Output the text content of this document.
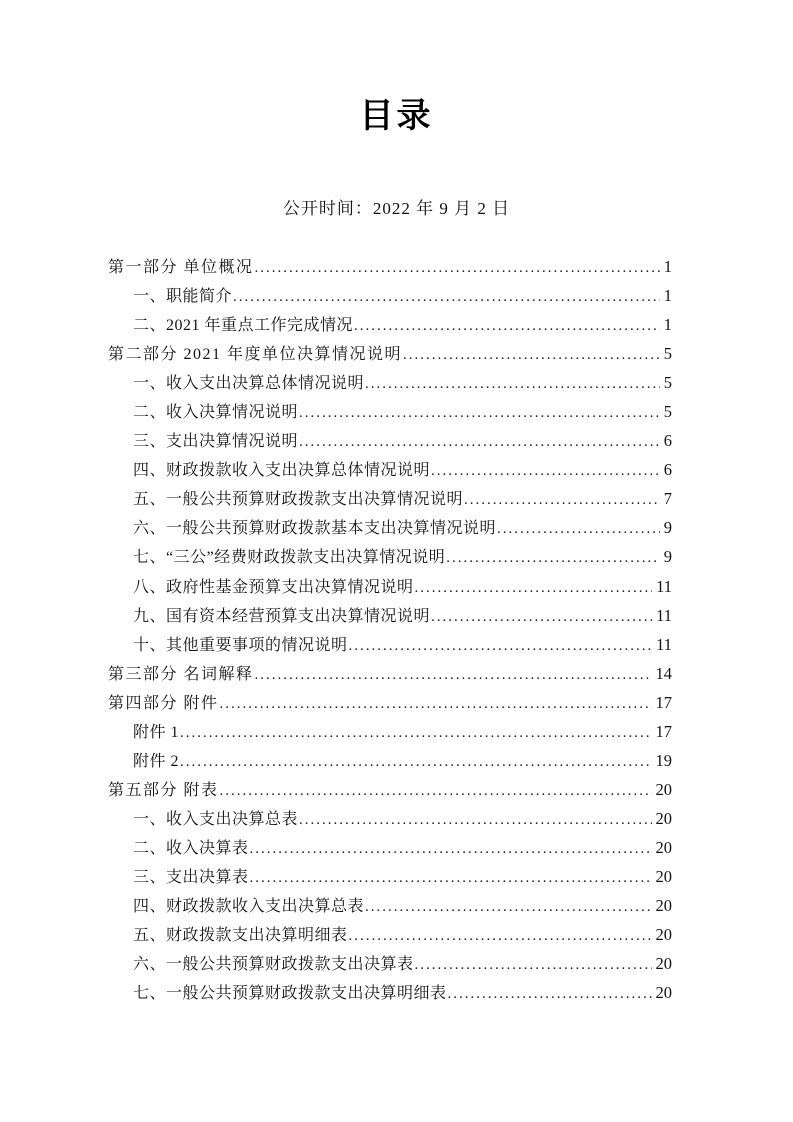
目录
公开时间：2022 年 9 月 2 日
第一部分 单位概况 .....	1
一、职能简介 .....	1
二、2021 年重点工作完成情况 .....	1
第二部分 2021 年度单位决算情况说明 .....	5
一、收入支出决算总体情况说明 .....	5
二、收入决算情况说明 .....	5
三、支出决算情况说明 .....	6
四、财政拨款收入支出决算总体情况说明 .....	6
五、一般公共预算财政拨款支出决算情况说明 .....	7
六、一般公共预算财政拨款基本支出决算情况说明 .....	9
七、“三公”经费财政拨款支出决算情况说明 .....	9
八、政府性基金预算支出决算情况说明 .....	11
九、国有资本经营预算支出决算情况说明 .....	11
十、其他重要事项的情况说明 .....	11
第三部分 名词解释 .....	14
第四部分 附件 .....	17
附件 1 .....	17
附件 2 .....	19
第五部分 附表 .....	20
一、收入支出决算总表 .....	20
二、收入决算表 .....	20
三、支出决算表 .....	20
四、财政拨款收入支出决算总表 .....	20
五、财政拨款支出决算明细表 .....	20
六、一般公共预算财政拨款支出决算表 .....	20
七、一般公共预算财政拨款支出决算明细表 .....	20
